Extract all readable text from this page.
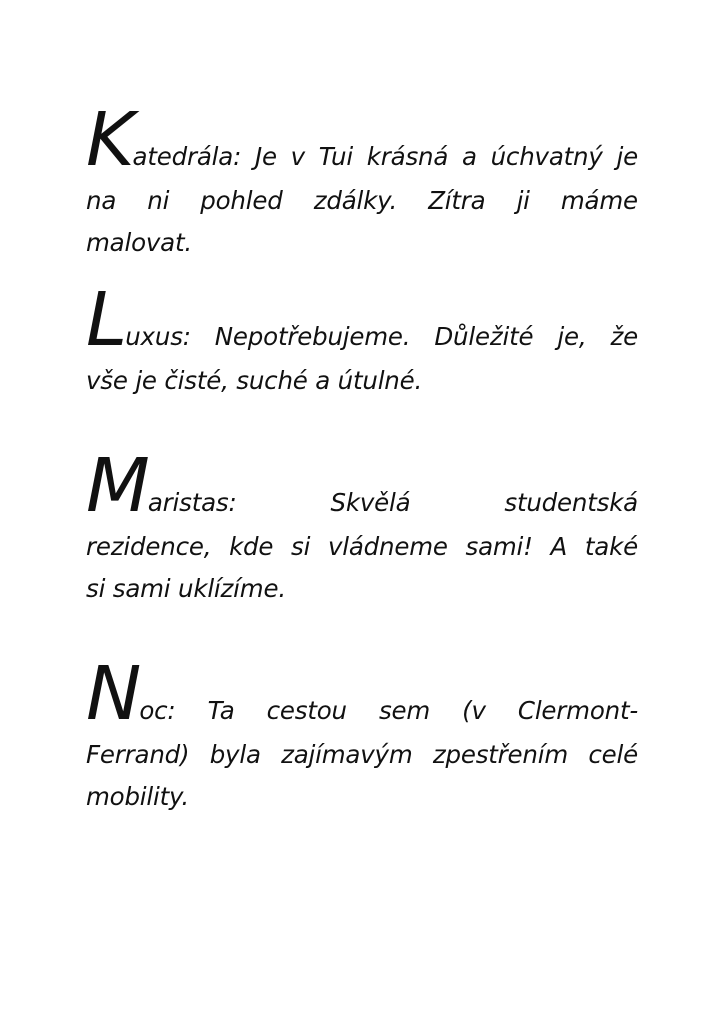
K atedrála: Je v Tui krásná a úchvatný je
na ni pohled zdálky. Zítra ji máme
malovat.
L uxus: Nepotřebujeme. Důležité je, že
vše je čisté, suché a útulné.
M aristas:	Skvělá	studentská
rezidence, kde si vládneme sami! A také
si sami uklízíme.
N oc: Ta cestou sem (v Clermont-
Ferrand) byla zajímavým zpestřením celé
mobility.
